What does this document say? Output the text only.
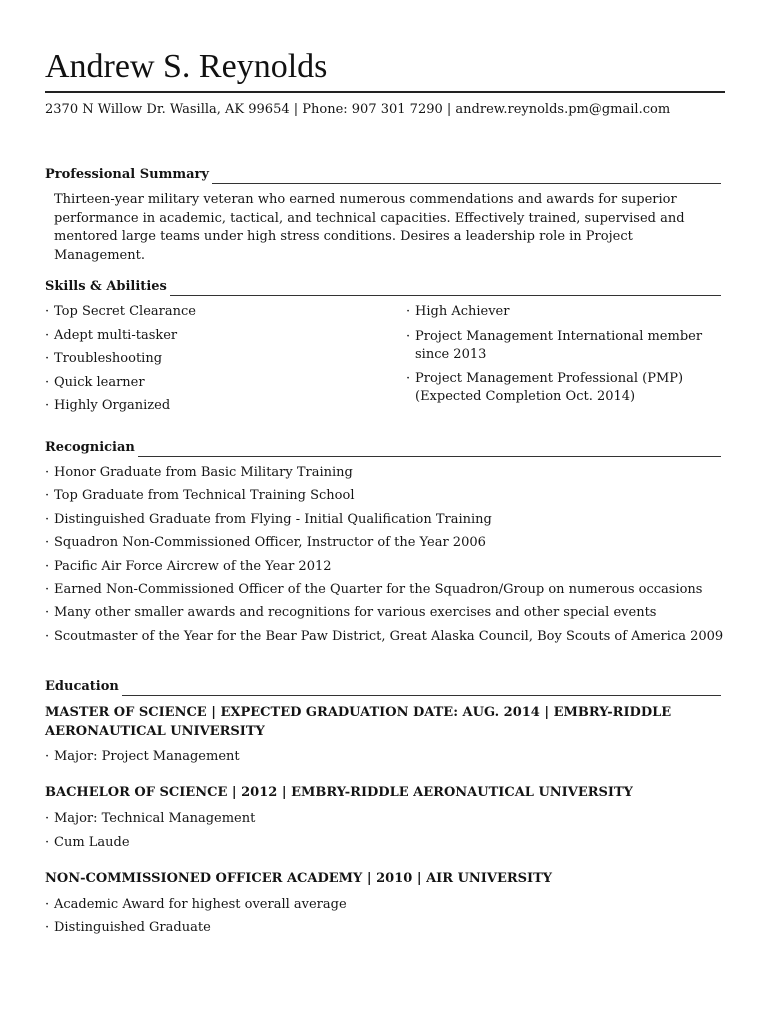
Andrew S. Reynolds
2370 N Willow Dr. Wasilla, AK 99654 | Phone: 907 301 7290 | andrew.reynolds.pm@gmail.com
Professional Summary
Thirteen-year military veteran who earned numerous commendations and awards for superior performance in academic, tactical, and technical capacities. Effectively trained, supervised and mentored large teams under high stress conditions. Desires a leadership role in Project Management.
Skills & Abilities
· Top Secret Clearance
· Adept multi-tasker
· Troubleshooting
· Quick learner
· Highly Organized
· High Achiever
· Project Management International member since 2013
· Project Management Professional (PMP)(Expected Completion Oct. 2014)
Recognician
· Honor Graduate from Basic Military Training
· Top Graduate from Technical Training School
· Distinguished Graduate from Flying - Initial Qualification Training
· Squadron Non-Commissioned Officer, Instructor of the Year 2006
· Pacific Air Force Aircrew of the Year 2012
· Earned Non-Commissioned Officer of the Quarter for the Squadron/Group on numerous occasions
· Many other smaller awards and recognitions for various exercises and other special events
· Scoutmaster of the Year for the Bear Paw District, Great Alaska Council, Boy Scouts of America 2009
Education
MASTER OF SCIENCE | EXPECTED GRADUATION DATE: AUG. 2014 | EMBRY-RIDDLE AERONAUTICAL UNIVERSITY
· Major: Project Management
BACHELOR OF SCIENCE | 2012 | EMBRY-RIDDLE AERONAUTICAL UNIVERSITY
· Major: Technical Management
· Cum Laude
NON-COMMISSIONED OFFICER ACADEMY | 2010 | AIR UNIVERSITY
· Academic Award for highest overall average
· Distinguished Graduate
